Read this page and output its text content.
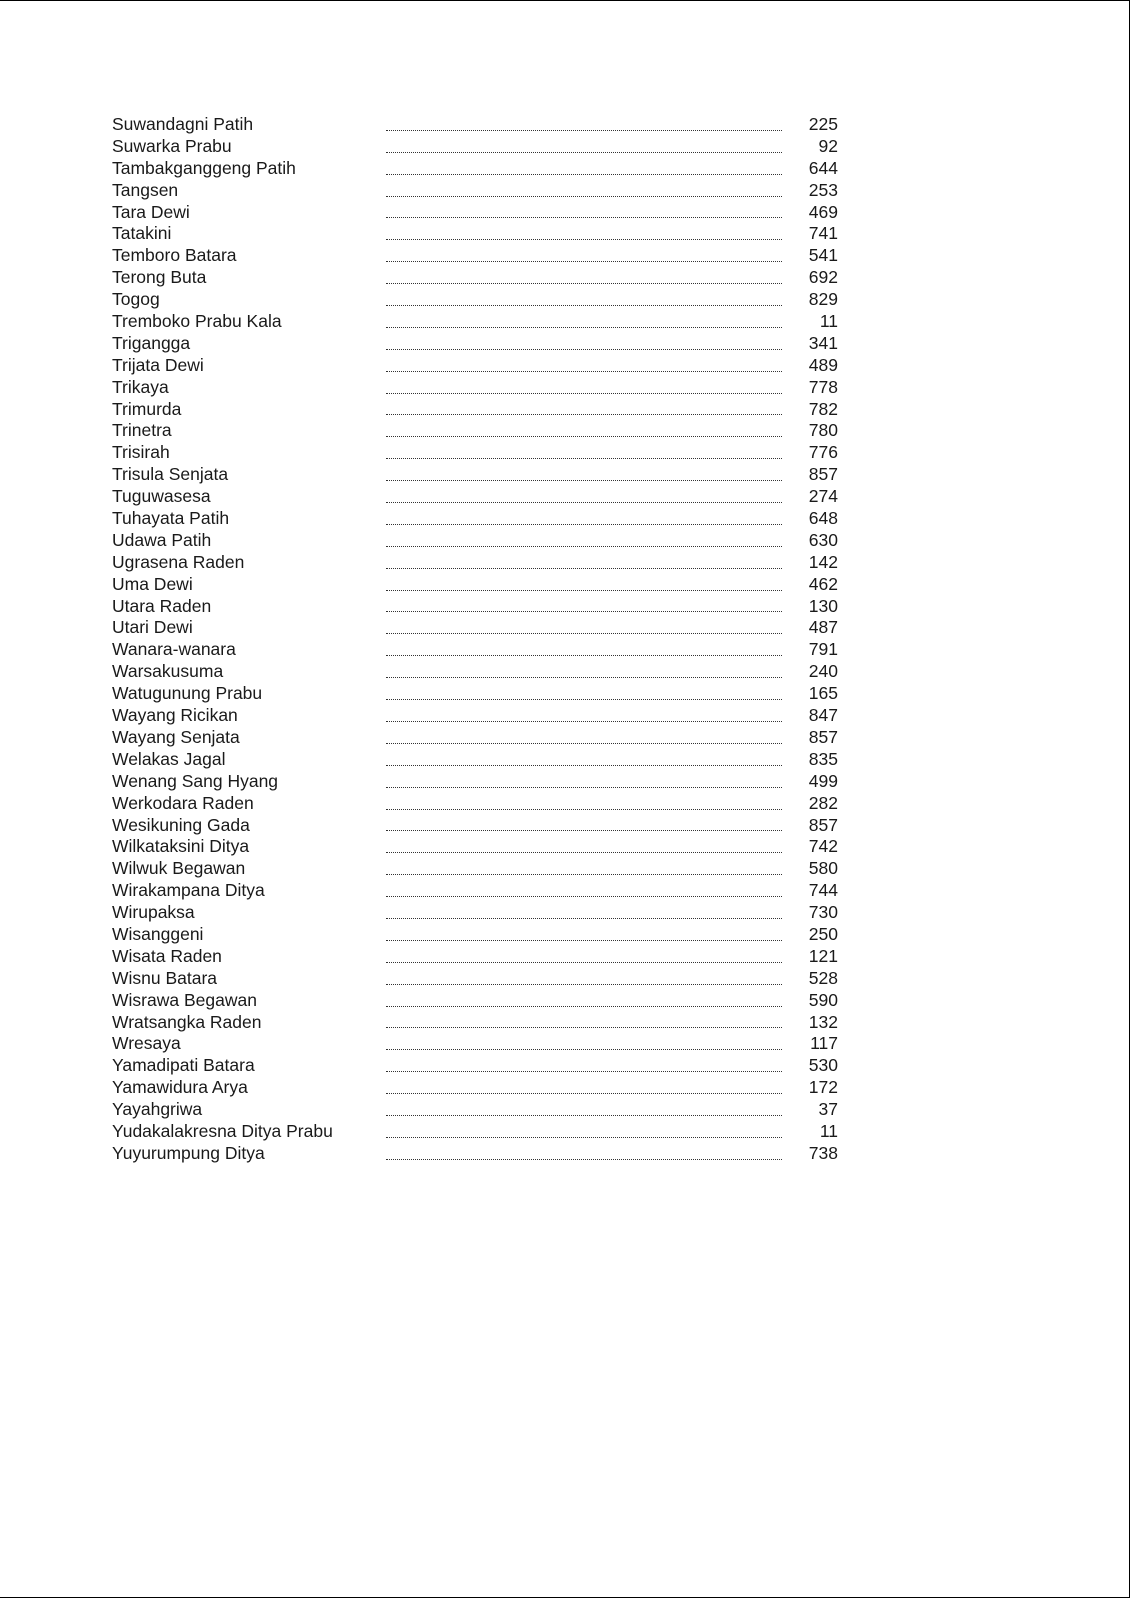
Suwandagni Patih	225
Suwarka Prabu	92
Tambakganggeng Patih	644
Tangsen	253
Tara Dewi	469
Tatakini	741
Temboro Batara	541
Terong Buta	692
Togog	829
Tremboko Prabu Kala	11
Trigangga	341
Trijata Dewi	489
Trikaya	778
Trimurda	782
Trinetra	780
Trisirah	776
Trisula Senjata	857
Tuguwasesa	274
Tuhayata Patih	648
Udawa Patih	630
Ugrasena Raden	142
Uma Dewi	462
Utara Raden	130
Utari Dewi	487
Wanara-wanara	791
Warsakusuma	240
Watugunung Prabu	165
Wayang Ricikan	847
Wayang Senjata	857
Welakas Jagal	835
Wenang Sang Hyang	499
Werkodara Raden	282
Wesikuning Gada	857
Wilkataksini Ditya	742
Wilwuk Begawan	580
Wirakampana Ditya	744
Wirupaksa	730
Wisanggeni	250
Wisata Raden	121
Wisnu Batara	528
Wisrawa Begawan	590
Wratsangka Raden	132
Wresaya	117
Yamadipati Batara	530
Yamawidura Arya	172
Yayahgriwa	37
Yudakalakresna Ditya Prabu	11
Yuyurumpung Ditya	738
